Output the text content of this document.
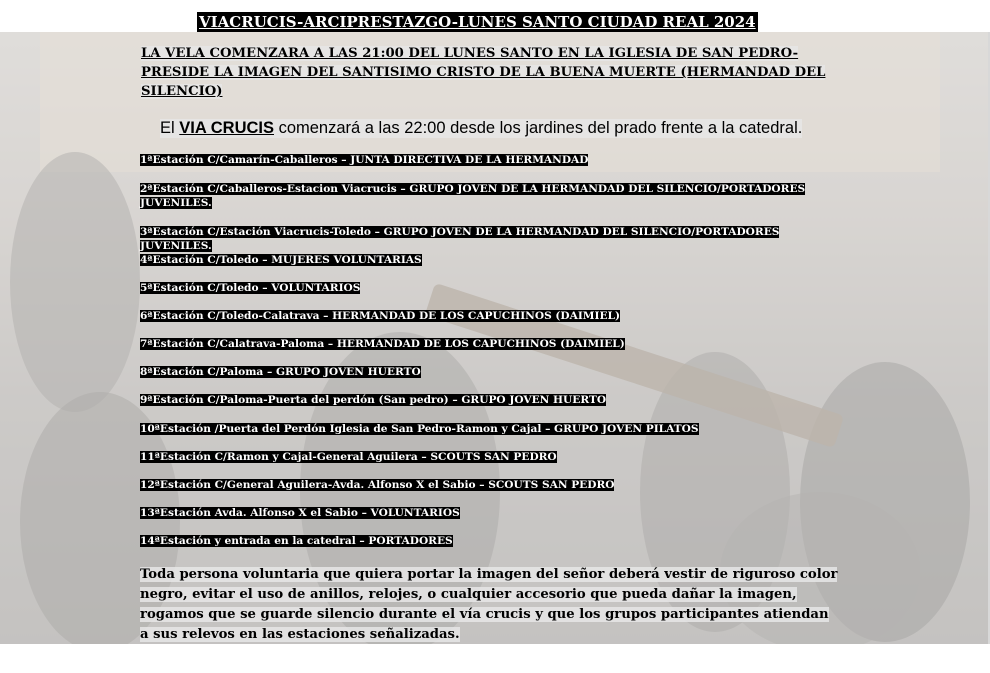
VIACRUCIS-ARCIPRESTAZGO-LUNES SANTO CIUDAD REAL 2024
LA VELA COMENZARA A LAS 21:00 DEL LUNES SANTO EN LA IGLESIA DE SAN PEDRO-PRESIDE LA IMAGEN DEL SANTISIMO CRISTO DE LA BUENA MUERTE (HERMANDAD DEL SILENCIO)
El VIA CRUCIS comenzará a las 22:00 desde los jardines del prado frente a la catedral.
1ªEstación C/Camarín-Caballeros – JUNTA DIRECTIVA DE LA HERMANDAD
2ªEstación C/Caballeros-Estacion Viacrucis – GRUPO JOVEN DE LA HERMANDAD DEL SILENCIO/PORTADORES JUVENILES.
3ªEstación C/Estación Viacrucis-Toledo – GRUPO JOVEN DE LA HERMANDAD DEL SILENCIO/PORTADORES JUVENILES.
4ªEstación C/Toledo – MUJERES VOLUNTARIAS
5ªEstación C/Toledo – VOLUNTARIOS
6ªEstación C/Toledo-Calatrava – HERMANDAD DE LOS CAPUCHINOS (DAIMIEL)
7ªEstación C/Calatrava-Paloma – HERMANDAD DE LOS CAPUCHINOS (DAIMIEL)
8ªEstación C/Paloma – GRUPO JOVEN HUERTO
9ªEstación C/Paloma-Puerta del perdón (San pedro) – GRUPO JOVEN HUERTO
10ªEstación /Puerta del Perdón Iglesia de San Pedro-Ramon y Cajal – GRUPO JOVEN PILATOS
11ªEstación C/Ramon y Cajal-General Aguilera – SCOUTS SAN PEDRO
12ªEstación C/General Aguilera-Avda. Alfonso X el Sabio – SCOUTS SAN PEDRO
13ªEstación Avda. Alfonso X el Sabio – VOLUNTARIOS
14ªEstación y entrada en la catedral – PORTADORES
Toda persona voluntaria que quiera portar la imagen del señor deberá vestir de riguroso color negro, evitar el uso de anillos, relojes, o cualquier accesorio que pueda dañar la imagen, rogamos que se guarde silencio durante el vía crucis y que los grupos participantes atiendan a sus relevos en las estaciones señalizadas.
